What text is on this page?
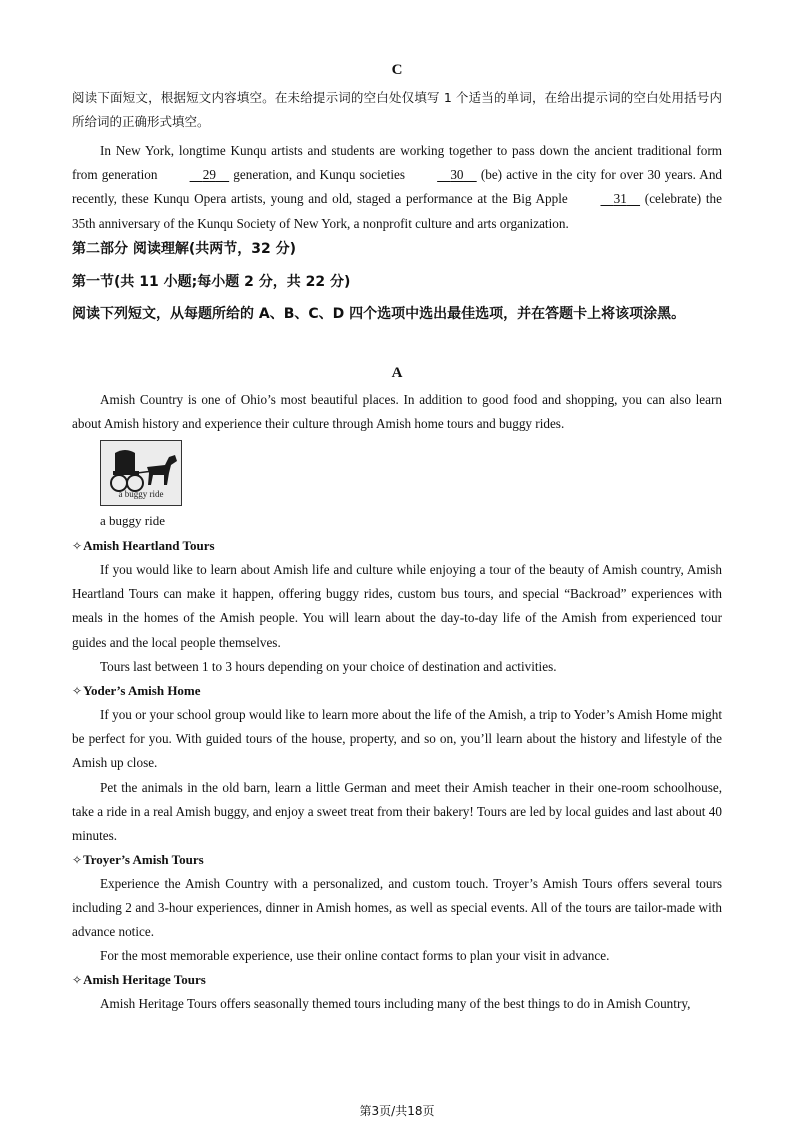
C

阅读下面短文，根据短文内容填空。在未给提示词的空白处仅填写 1 个适当的单词，在给出提示词的空白处用括号内所给词的正确形式填空。

In New York, longtime Kunqu artists and students are working together to pass down the ancient traditional form from generation	29 generation, and Kunqu societies	30 (be) active in the city for over 30 years. And recently, these Kunqu Opera artists, young and old, staged a performance at the Big Apple	31 (celebrate) the 35th anniversary of the Kunqu Society of New York, a nonprofit culture and arts organization.

第二部分 阅读理解(共两节，32 分)
第一节(共 11 小题;每小题 2 分，共 22 分)
阅读下列短文，从每题所给的 A、B、C、D 四个选项中选出最佳选项，并在答题卡上将该项涂黑。
A

Amish Country is one of Ohio’s most beautiful places. In addition to good food and shopping, you can also learn about Amish history and experience their culture through Amish home tours and buggy rides.

a buggy ride
a buggy ride

✧Amish Heartland Tours

If you would like to learn about Amish life and culture while enjoying a tour of the beauty of Amish country, Amish Heartland Tours can make it happen, offering buggy rides, custom bus tours, and special “Backroad” experiences with meals in the homes of the Amish people. You will learn about the day-to-day life of the Amish from experienced tour guides and the local people themselves.

Tours last between 1 to 3 hours depending on your choice of destination and activities.

✧Yoder’s Amish Home

If you or your school group would like to learn more about the life of the Amish, a trip to Yoder’s Amish Home might be perfect for you. With guided tours of the house, property, and so on, you’ll learn about the history and lifestyle of the Amish up close.

Pet the animals in the old barn, learn a little German and meet their Amish teacher in their one-room schoolhouse, take a ride in a real Amish buggy, and enjoy a sweet treat from their bakery! Tours are led by local guides and last about 40 minutes.

✧Troyer’s Amish Tours

Experience the Amish Country with a personalized, and custom touch. Troyer’s Amish Tours offers several tours including 2 and 3-hour experiences, dinner in Amish homes, as well as special events. All of the tours are tailor-made with advance notice.

For the most memorable experience, use their online contact forms to plan your visit in advance.

✧Amish Heritage Tours

Amish Heritage Tours offers seasonally themed tours including many of the best things to do in Amish Country,

第3页/共18页
